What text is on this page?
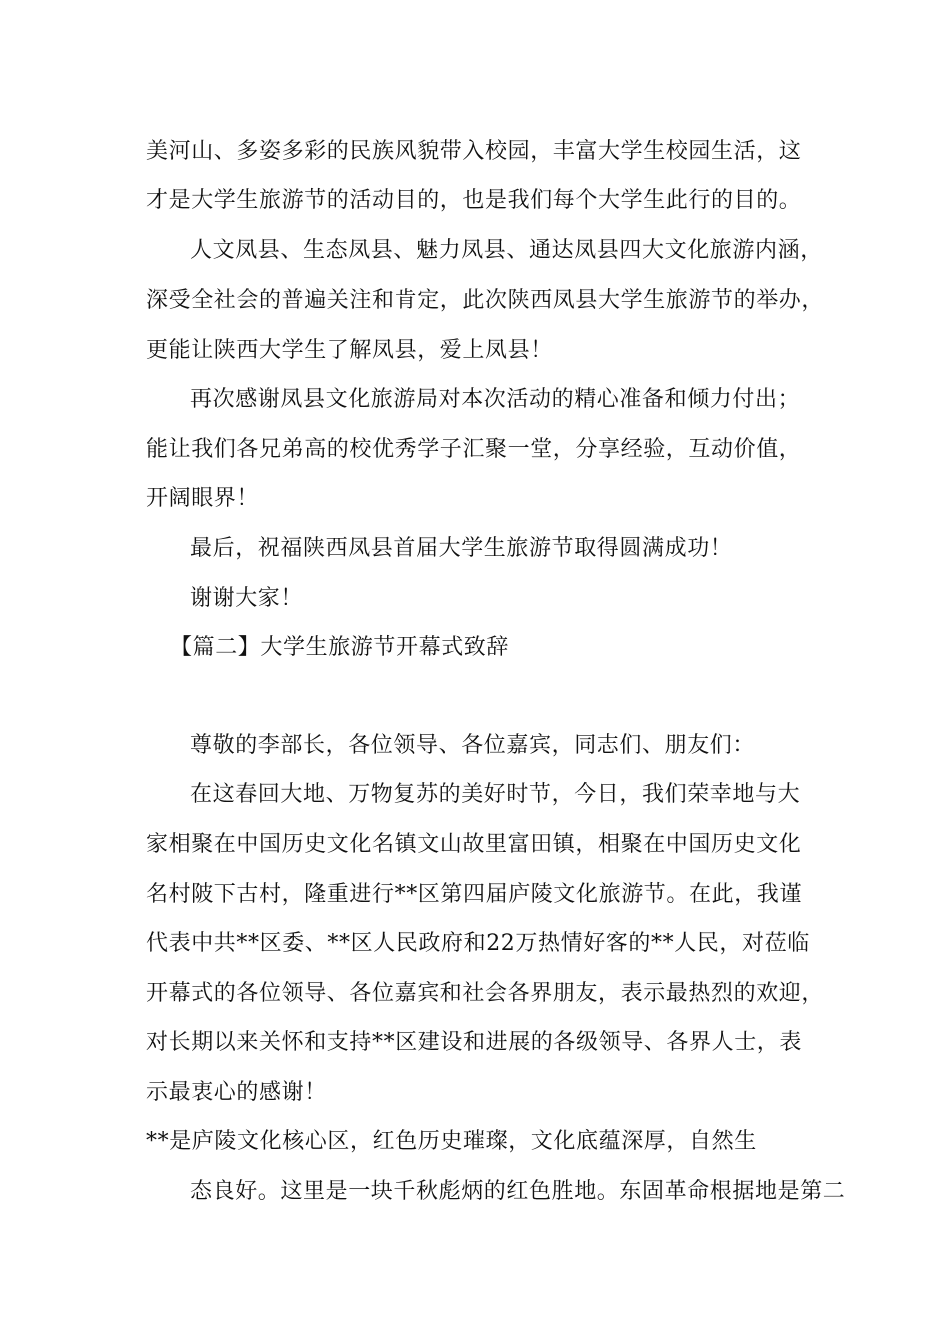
美河山、多姿多彩的民族风貌带入校园，丰富大学生校园生活，这
才是大学生旅游节的活动目的，也是我们每个大学生此行的目的。
人文凤县、生态凤县、魅力凤县、通达凤县四大文化旅游内涵，
深受全社会的普遍关注和肯定，此次陕西凤县大学生旅游节的举办，
更能让陕西大学生了解凤县，爱上凤县！
再次感谢凤县文化旅游局对本次活动的精心准备和倾力付出；
能让我们各兄弟高的校优秀学子汇聚一堂，分享经验，互动价值，
开阔眼界！
最后，祝福陕西凤县首届大学生旅游节取得圆满成功！
谢谢大家！
【篇二】大学生旅游节开幕式致辞
尊敬的李部长，各位领导、各位嘉宾，同志们、朋友们：
在这春回大地、万物复苏的美好时节，今日，我们荣幸地与大
家相聚在中国历史文化名镇文山故里富田镇，相聚在中国历史文化
名村陂下古村，隆重进行**区第四届庐陵文化旅游节。在此，我谨
代表中共**区委、**区人民政府和22万热情好客的**人民，对莅临
开幕式的各位领导、各位嘉宾和社会各界朋友，表示最热烈的欢迎，
对长期以来关怀和支持**区建设和进展的各级领导、各界人士，表
示最衷心的感谢！
**是庐陵文化核心区，红色历史璀璨，文化底蕴深厚，自然生
态良好。这里是一块千秋彪炳的红色胜地。东固革命根据地是第二
